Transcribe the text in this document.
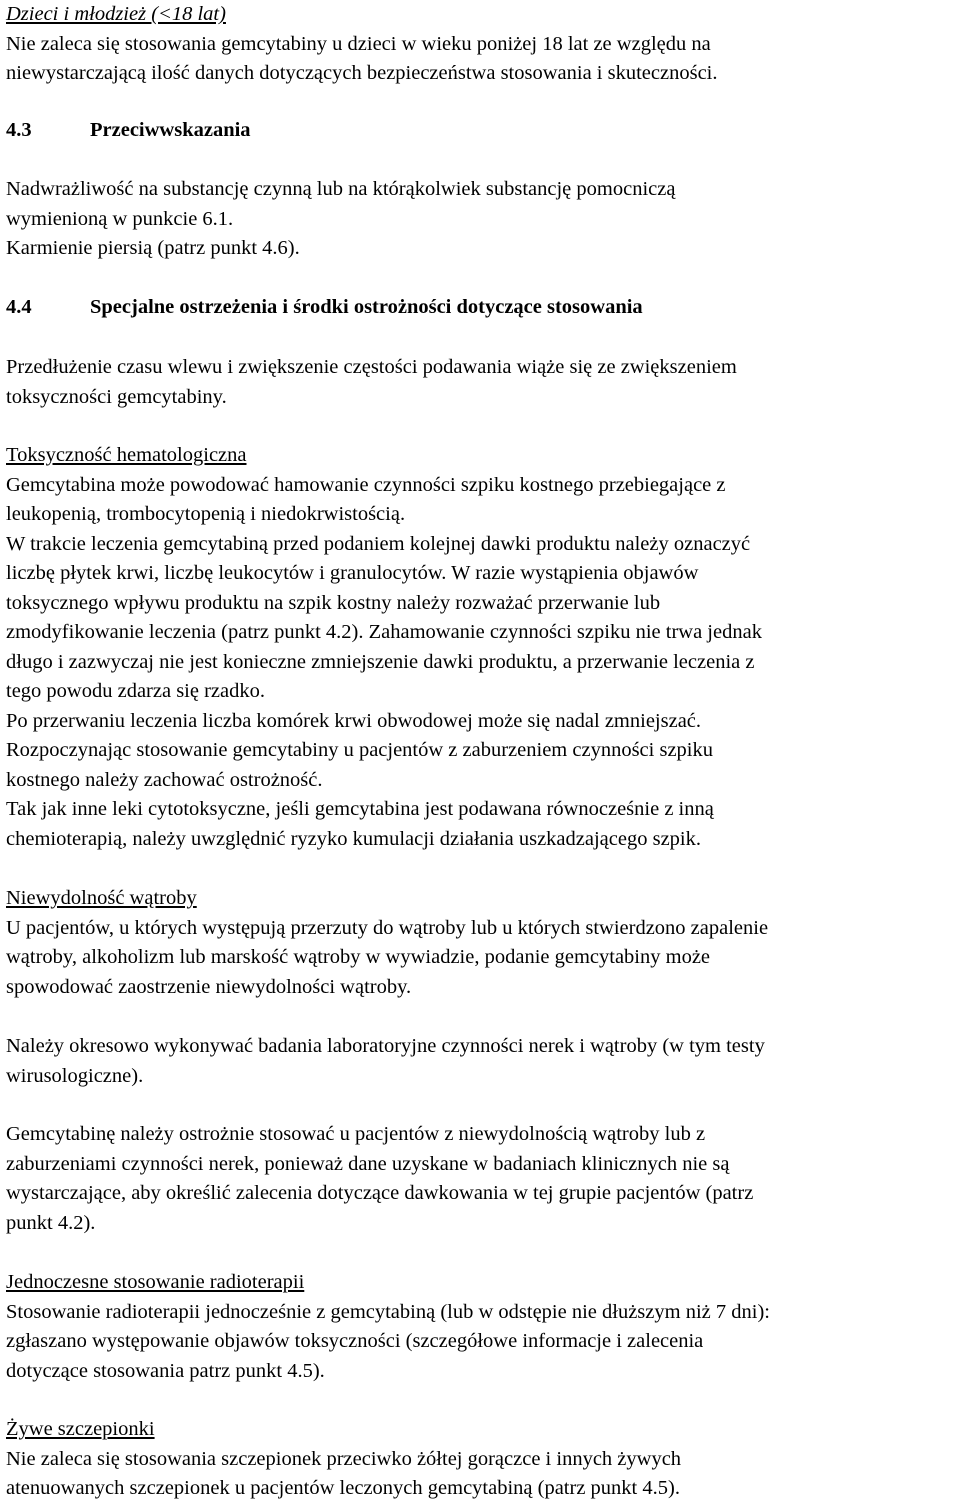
Dzieci i młodzież (<18 lat)
Nie zaleca się stosowania gemcytabiny u dzieci w wieku poniżej 18 lat ze względu na
niewystarczającą ilość danych dotyczących bezpieczeństwa stosowania i skuteczności.
4.3	Przeciwwskazania
Nadwrażliwość na substancję czynną lub na którąkolwiek substancję pomocniczą
wymienioną w punkcie 6.1.
Karmienie piersią (patrz punkt 4.6).
4.4	Specjalne ostrzeżenia i środki ostrożności dotyczące stosowania
Przedłużenie czasu wlewu i zwiększenie częstości podawania wiąże się ze zwiększeniem
toksyczności gemcytabiny.
Toksyczność hematologiczna
Gemcytabina może powodować hamowanie czynności szpiku kostnego przebiegające z
leukopenią, trombocytopenią i niedokrwistością.
W trakcie leczenia gemcytabiną przed podaniem kolejnej dawki produktu należy oznaczyć
liczbę płytek krwi, liczbę leukocytów i granulocytów. W razie wystąpienia objawów
toksycznego wpływu produktu na szpik kostny należy rozważać przerwanie lub
zmodyfikowanie leczenia (patrz punkt 4.2). Zahamowanie czynności szpiku nie trwa jednak
długo i zazwyczaj nie jest konieczne zmniejszenie dawki produktu, a przerwanie leczenia z
tego powodu zdarza się rzadko.
Po przerwaniu leczenia liczba komórek krwi obwodowej może się nadal zmniejszać.
Rozpoczynając stosowanie gemcytabiny u pacjentów z zaburzeniem czynności szpiku
kostnego należy zachować ostrożność.
Tak jak inne leki cytotoksyczne, jeśli gemcytabina jest podawana równocześnie z inną
chemioterapią, należy uwzględnić ryzyko kumulacji działania uszkadzającego szpik.
Niewydolność wątroby
U pacjentów, u których występują przerzuty do wątroby lub u których stwierdzono zapalenie
wątroby, alkoholizm lub marskość wątroby w wywiadzie, podanie gemcytabiny może
spowodować zaostrzenie niewydolności wątroby.
Należy okresowo wykonywać badania laboratoryjne czynności nerek i wątroby (w tym testy
wirusologiczne).
Gemcytabinę należy ostrożnie stosować u pacjentów z niewydolnością wątroby lub z
zaburzeniami czynności nerek, ponieważ dane uzyskane w badaniach klinicznych nie są
wystarczające, aby określić zalecenia dotyczące dawkowania w tej grupie pacjentów (patrz
punkt 4.2).
Jednoczesne stosowanie radioterapii
Stosowanie radioterapii jednocześnie z gemcytabiną (lub w odstępie nie dłuższym niż 7 dni):
zgłaszano występowanie objawów toksyczności (szczegółowe informacje i zalecenia
dotyczące stosowania patrz punkt 4.5).
Żywe szczepionki
Nie zaleca się stosowania szczepionek przeciwko żółtej gorączce i innych żywych
atenuowanych szczepionek u pacjentów leczonych gemcytabiną (patrz punkt 4.5).
